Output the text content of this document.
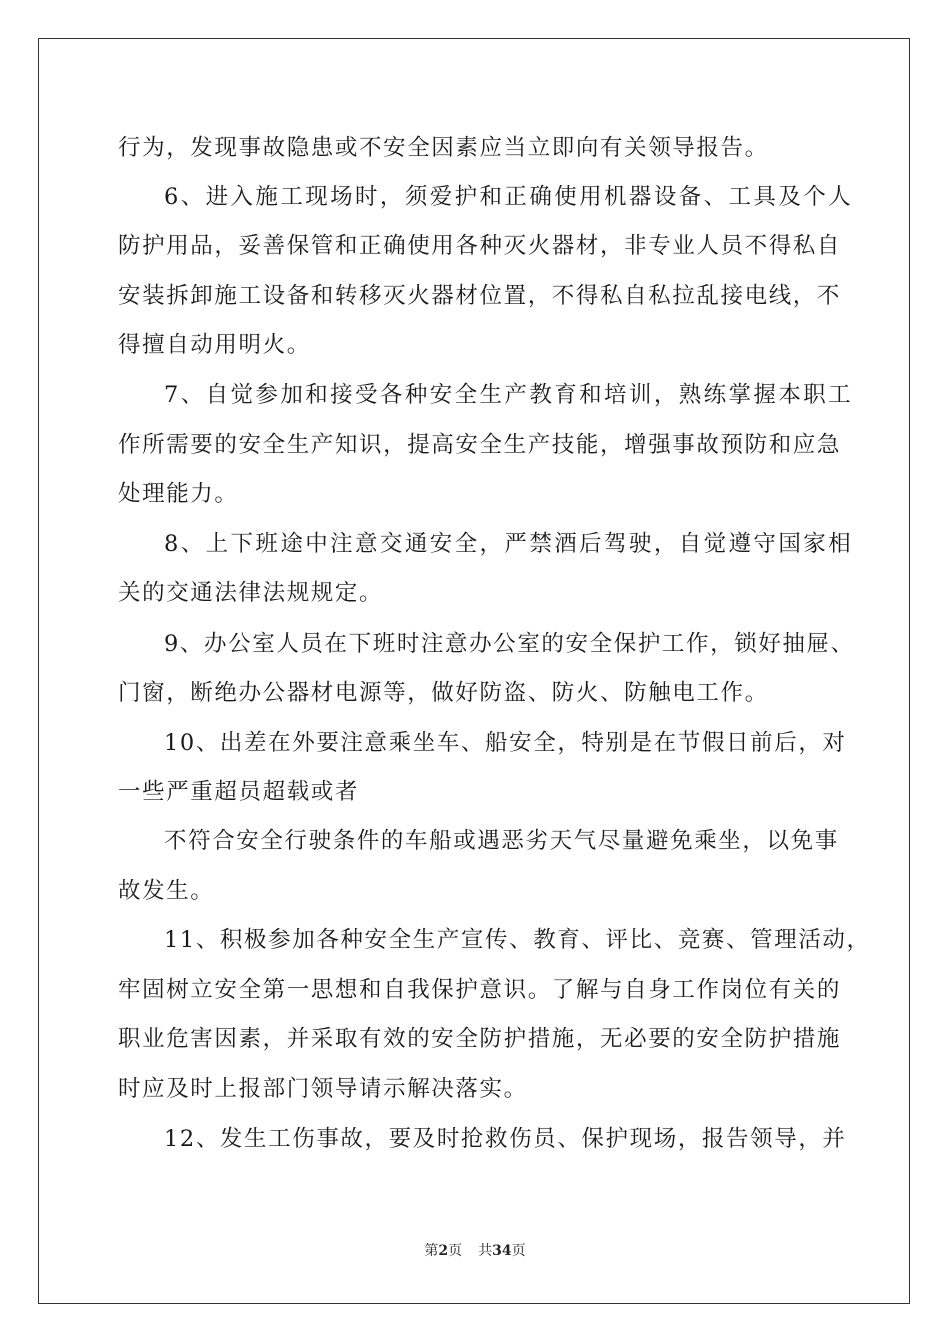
行为，发现事故隐患或不安全因素应当立即向有关领导报告。
6、进入施工现场时，须爱护和正确使用机器设备、工具及个人
防护用品，妥善保管和正确使用各种灭火器材，非专业人员不得私自
安装拆卸施工设备和转移灭火器材位置，不得私自私拉乱接电线，不
得擅自动用明火。
7、自觉参加和接受各种安全生产教育和培训，熟练掌握本职工
作所需要的安全生产知识，提高安全生产技能，增强事故预防和应急
处理能力。
8、上下班途中注意交通安全，严禁酒后驾驶，自觉遵守国家相
关的交通法律法规规定。
9、办公室人员在下班时注意办公室的安全保护工作，锁好抽屉、
门窗，断绝办公器材电源等，做好防盗、防火、防触电工作。
10、出差在外要注意乘坐车、船安全，特别是在节假日前后，对
一些严重超员超载或者
不符合安全行驶条件的车船或遇恶劣天气尽量避免乘坐，以免事
故发生。
11、积极参加各种安全生产宣传、教育、评比、竞赛、管理活动，
牢固树立安全第一思想和自我保护意识。了解与自身工作岗位有关的
职业危害因素，并采取有效的安全防护措施，无必要的安全防护措施
时应及时上报部门领导请示解决落实。
12、发生工伤事故，要及时抢救伤员、保护现场，报告领导，并
第2页 共34页
